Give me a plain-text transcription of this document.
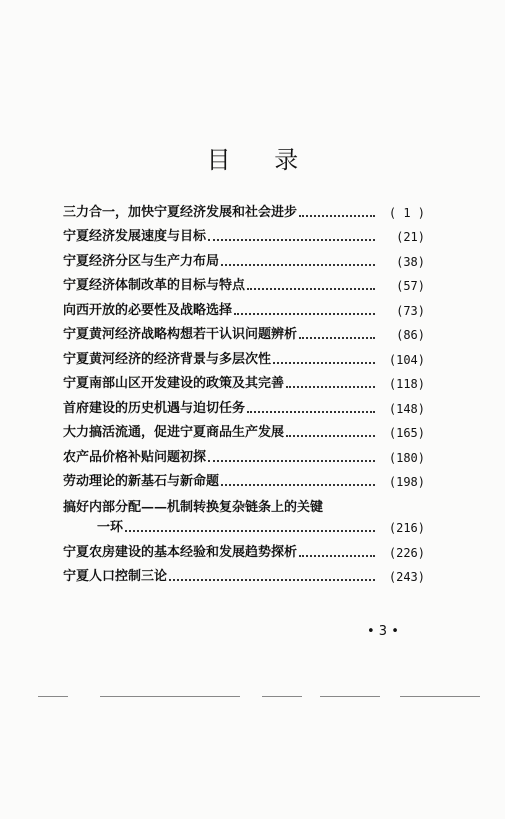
目 录
三力合一，加快宁夏经济发展和社会进步	( 1 )
宁夏经济发展速度与目标	(21)
宁夏经济分区与生产力布局	(38)
宁夏经济体制改革的目标与特点	(57)
向西开放的必要性及战略选择	(73)
宁夏黄河经济战略构想若干认识问题辨析	(86)
宁夏黄河经济的经济背景与多层次性	(104)
宁夏南部山区开发建设的政策及其完善	(118)
首府建设的历史机遇与迫切任务	(148)
大力搞活流通，促进宁夏商品生产发展	(165)
农产品价格补贴问题初探	(180)
劳动理论的新基石与新命题	(198)
搞好内部分配——机制转换复杂链条上的关键
一环	(216)
宁夏农房建设的基本经验和发展趋势探析	(226)
宁夏人口控制三论	(243)
• 3 •
